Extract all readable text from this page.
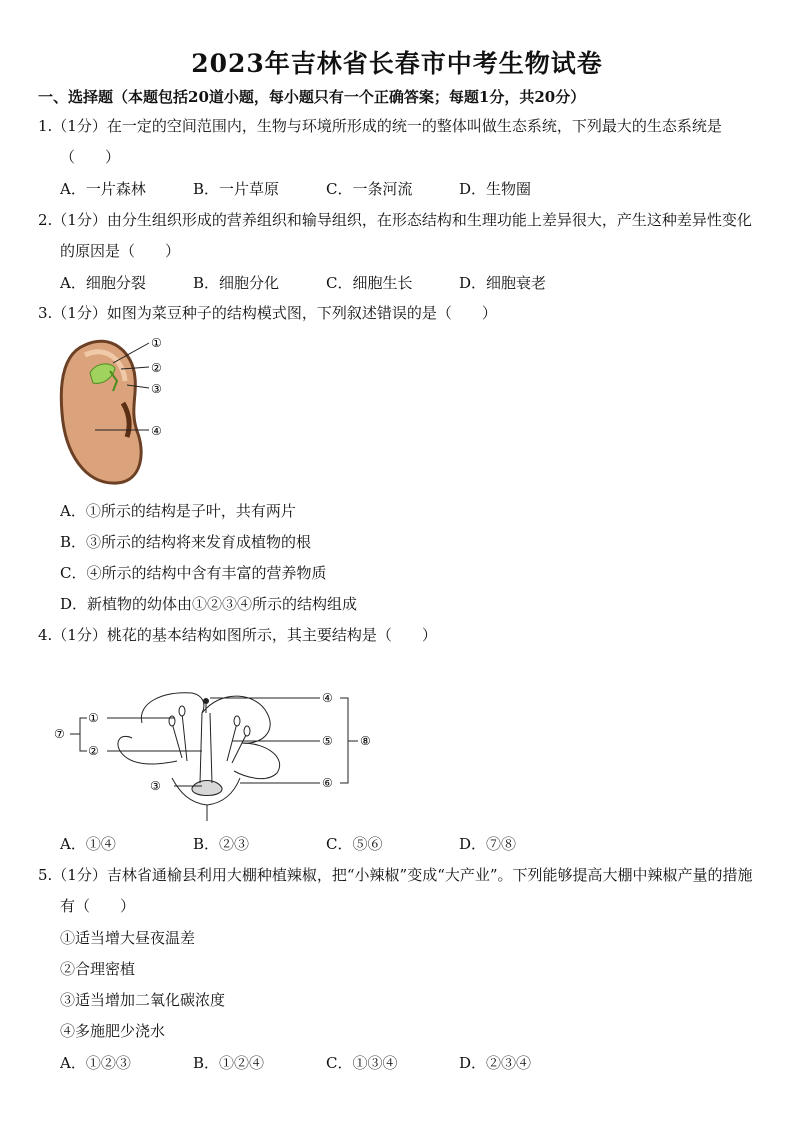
2023年吉林省长春市中考生物试卷
一、选择题（本题包括20道小题，每小题只有一个正确答案；每题1分，共20分）
1.（1分）在一定的空间范围内，生物与环境所形成的统一的整体叫做生态系统，下列最大的生态系统是（　　）
A．一片森林	B．一片草原	C．一条河流	D．生物圈
2.（1分）由分生组织形成的营养组织和输导组织，在形态结构和生理功能上差异很大，产生这种差异性变化的原因是（　　）
A．细胞分裂	B．细胞分化	C．细胞生长	D．细胞衰老
3.（1分）如图为菜豆种子的结构模式图，下列叙述错误的是（　　）
①
②
③
④
A．①所示的结构是子叶，共有两片
B．③所示的结构将来发育成植物的根
C．④所示的结构中含有丰富的营养物质
D．新植物的幼体由①②③④所示的结构组成
4.（1分）桃花的基本结构如图所示，其主要结构是（　　）
①
②
③
④
⑤
⑥
⑦	⑧
A．①④	B．②③	C．⑤⑥	D．⑦⑧
5.（1分）吉林省通榆县利用大棚种植辣椒，把“小辣椒”变成“大产业”。下列能够提高大棚中辣椒产量的措施有（　　）
①适当增大昼夜温差
②合理密植
③适当增加二氧化碳浓度
④多施肥少浇水
A．①②③	B．①②④	C．①③④	D．②③④
